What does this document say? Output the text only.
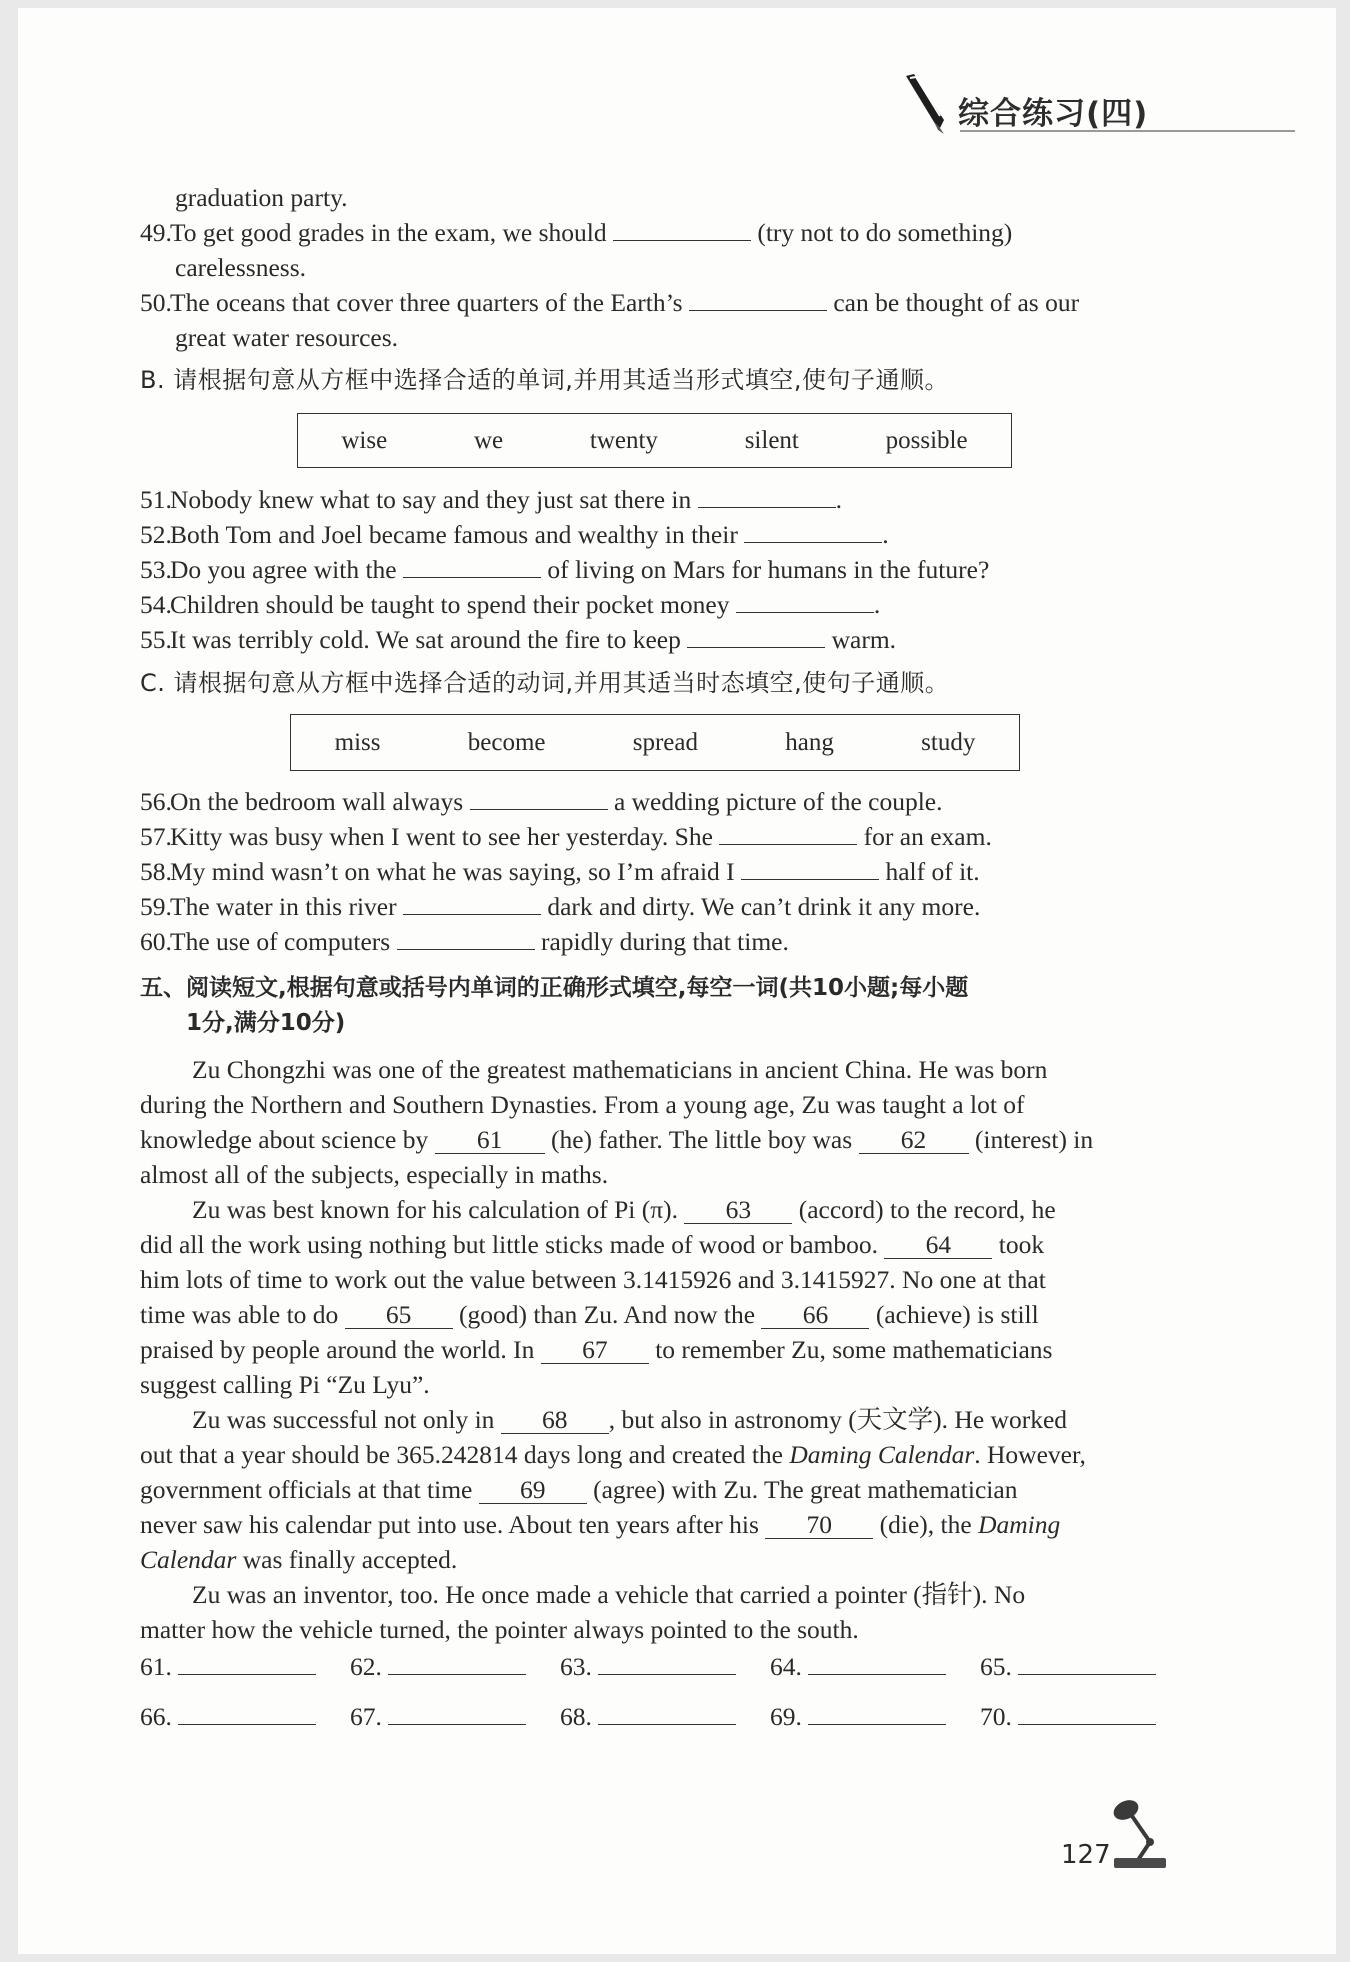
综合练习(四)
graduation party.
49.To get good grades in the exam, we should	(try not to do something)
carelessness.
50.The oceans that cover three quarters of the Earth’s	can be thought of as our
great water resources.
B. 请根据句意从方框中选择合适的单词,并用其适当形式填空,使句子通顺。
wise	we	twenty	silent	possible
51.Nobody knew what to say and they just sat there in	.
52.Both Tom and Joel became famous and wealthy in their	.
53.Do you agree with the	of living on Mars for humans in the future?
54.Children should be taught to spend their pocket money	.
55.It was terribly cold. We sat around the fire to keep	warm.
C. 请根据句意从方框中选择合适的动词,并用其适当时态填空,使句子通顺。
miss	become	spread	hang	study
56.On the bedroom wall always	a wedding picture of the couple.
57.Kitty was busy when I went to see her yesterday. She	for an exam.
58.My mind wasn’t on what he was saying, so I’m afraid I	half of it.
59.The water in this river	dark and dirty. We can’t drink it any more.
60.The use of computers	rapidly during that time.
五、阅读短文,根据句意或括号内单词的正确形式填空,每空一词(共10小题;每小题
1分,满分10分)
Zu Chongzhi was one of the greatest mathematicians in ancient China. He was born
during the Northern and Southern Dynasties. From a young age, Zu was taught a lot of
knowledge about science by 61 (he) father. The little boy was 62 (interest) in
almost all of the subjects, especially in maths.
Zu was best known for his calculation of Pi (π). 63 (accord) to the record, he
did all the work using nothing but little sticks made of wood or bamboo. 64 took
him lots of time to work out the value between 3.1415926 and 3.1415927. No one at that
time was able to do 65 (good) than Zu. And now the 66 (achieve) is still
praised by people around the world. In 67 to remember Zu, some mathematicians
suggest calling Pi “Zu Lyu”.
Zu was successful not only in 68 , but also in astronomy (天文学). He worked
out that a year should be 365.242814 days long and created the Daming Calendar. However,
government officials at that time 69 (agree) with Zu. The great mathematician
never saw his calendar put into use. About ten years after his 70 (die), the Daming
Calendar was finally accepted.
Zu was an inventor, too. He once made a vehicle that carried a pointer (指针). No
matter how the vehicle turned, the pointer always pointed to the south.
61.	62.	63.	64.	65.
66.	67.	68.	69.	70.
127
